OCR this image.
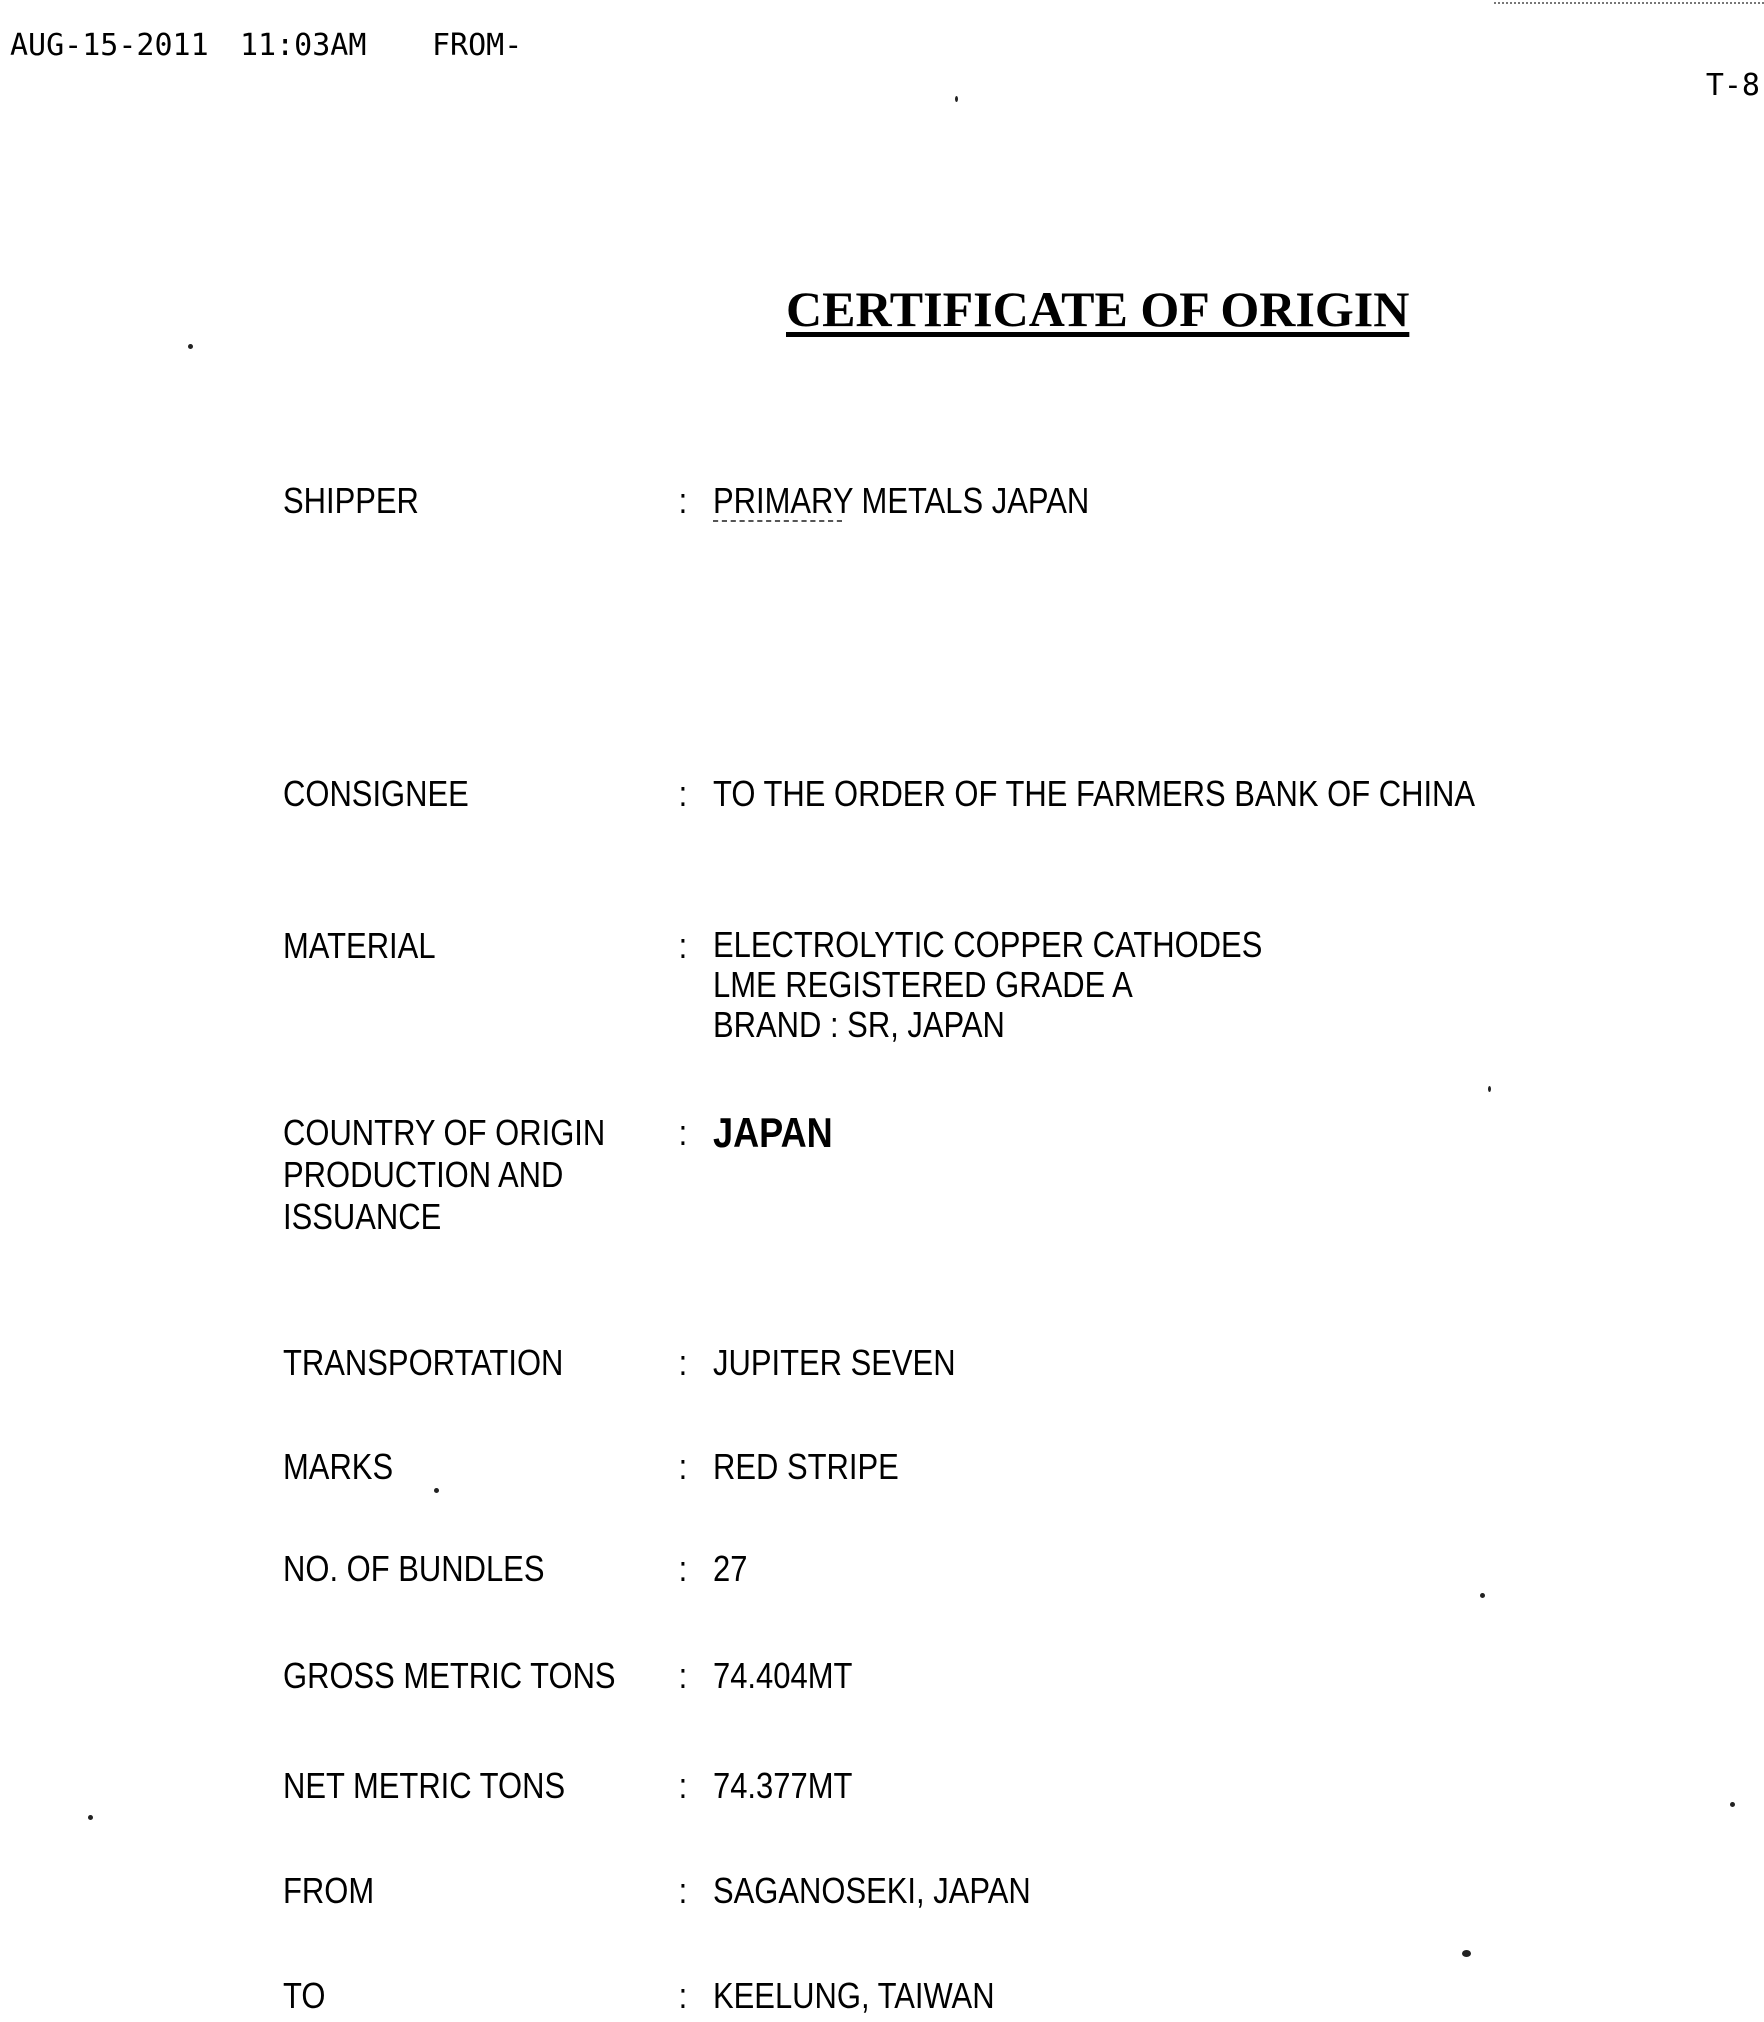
AUG-15-2011 11:03AM FROM-
T-8
CERTIFICATE OF ORIGIN
SHIPPER	: PRIMARY METALS JAPAN
CONSIGNEE	: TO THE ORDER OF THE FARMERS BANK OF CHINA
MATERIAL	: ELECTROLYTIC COPPER CATHODES
LME REGISTERED GRADE A
BRAND : SR, JAPAN
COUNTRY OF ORIGIN
PRODUCTION AND
ISSUANCE
: JAPAN
TRANSPORTATION	: JUPITER SEVEN
MARKS	: RED STRIPE
NO. OF BUNDLES	: 27
GROSS METRIC TONS	: 74.404MT
NET METRIC TONS	: 74.377MT
FROM	: SAGANOSEKI, JAPAN
TO	: KEELUNG, TAIWAN
